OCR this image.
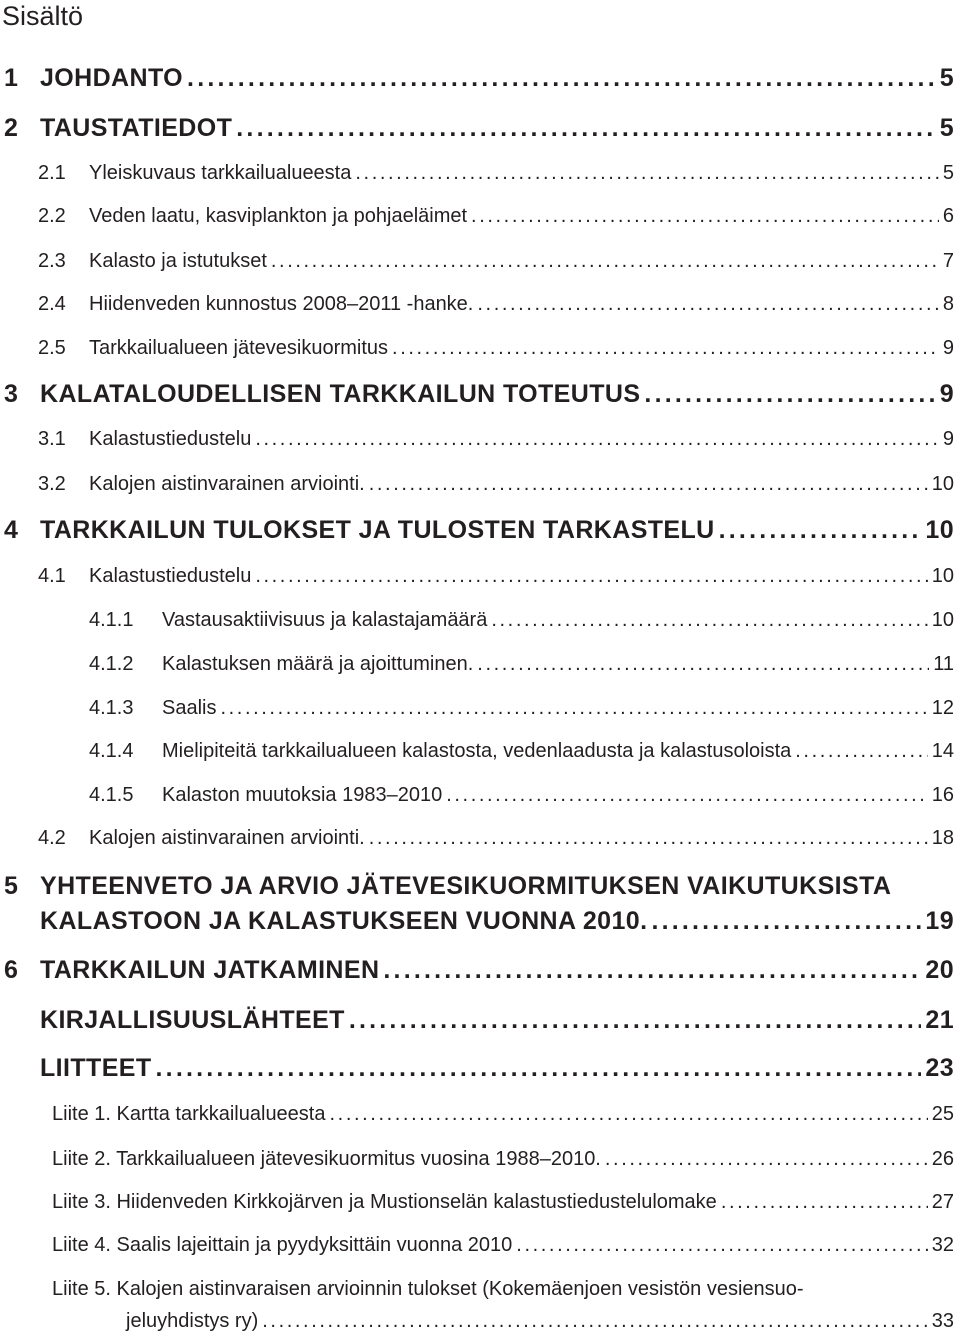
Sisältö
1 JOHDANTO	5
.....
2 TAUSTATIEDOT	5
.....
2.1 Yleiskuvaus tarkkailualueesta	5
.....
2.2 Veden laatu, kasviplankton ja pohjaeläimet	6
.....
2.3 Kalasto ja istutukset	7
.....
2.4 Hiidenveden kunnostus 2008–2011 -hanke.	8
.....
2.5 Tarkkailualueen jätevesikuormitus	9
.....
3 KALATALOUDELLISEN TARKKAILUN TOTEUTUS	9
.....
3.1 Kalastustiedustelu	9
.....
3.2 Kalojen aistinvarainen arviointi.	10
.....
4 TARKKAILUN TULOKSET JA TULOSTEN TARKASTELU	10
.....
4.1 Kalastustiedustelu	10
.....
4.1.1 Vastausaktiivisuus ja kalastajamäärä	10
.....
4.1.2 Kalastuksen määrä ja ajoittuminen.	11
.....
4.1.3 Saalis	12
.....
4.1.4 Mielipiteitä tarkkailualueen kalastosta, vedenlaadusta ja kalastusoloista	14
.....
4.1.5 Kalaston muutoksia 1983–2010	16
.....
4.2 Kalojen aistinvarainen arviointi.	18
.....
5 YHTEENVETO JA ARVIO JÄTEVESIKUORMITUKSEN VAIKUTUKSISTA
KALASTOON JA KALASTUKSEEN VUONNA 2010.	19
.....
6 TARKKAILUN JATKAMINEN	20
.....
KIRJALLISUUSLÄHTEET	21
.....
LIITTEET	23
.....
Liite 1. Kartta tarkkailualueesta	25
.....
Liite 2. Tarkkailualueen jätevesikuormitus vuosina 1988–2010.	26
.....
Liite 3. Hiidenveden Kirkkojärven ja Mustionselän kalastustiedustelulomake	27
.....
Liite 4. Saalis lajeittain ja pyydyksittäin vuonna 2010	32
.....
Liite 5. Kalojen aistinvaraisen arvioinnin tulokset (Kokemäenjoen vesistön vesiensuo-
jeluyhdistys ry)	33
.....
